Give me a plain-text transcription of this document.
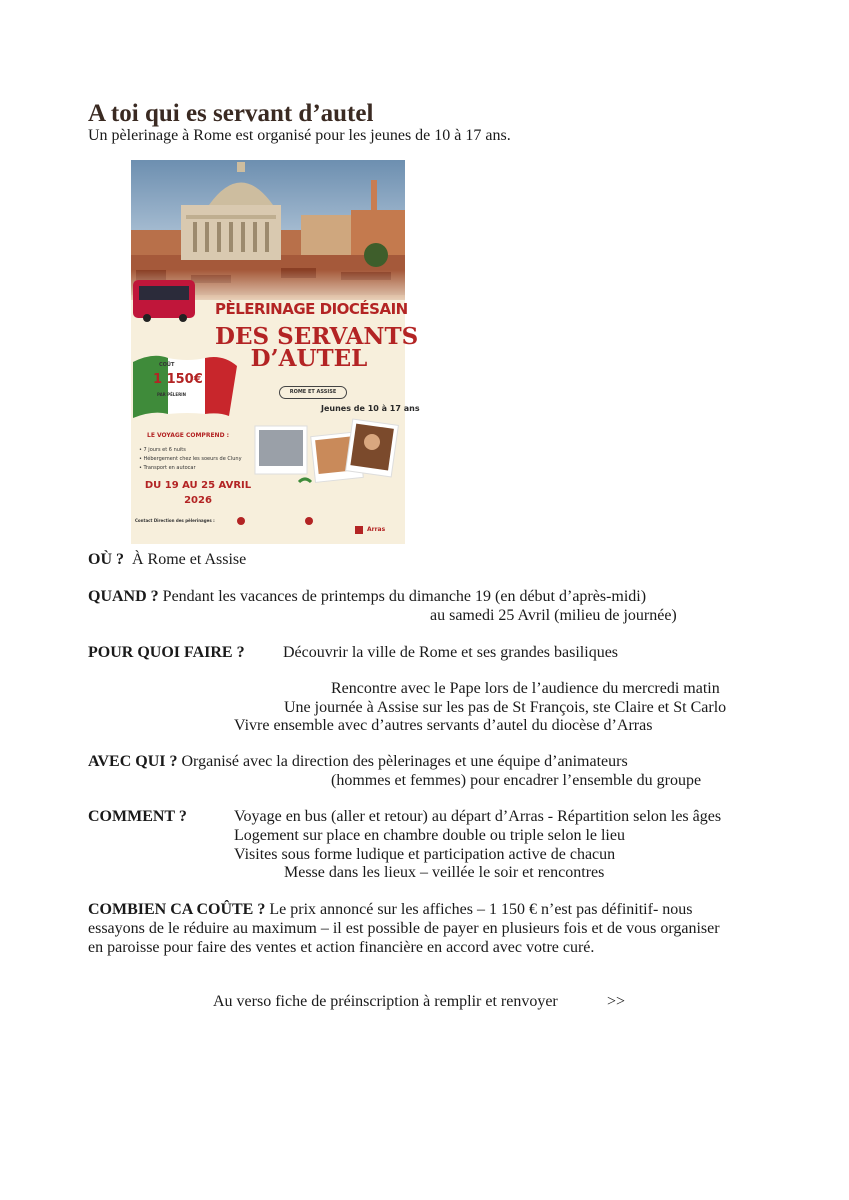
A toi qui es servant d’autel
Un pèlerinage à Rome est organisé pour les jeunes de 10 à 17 ans.
COÛT
1 150€
PAR PÈLERIN
PÈLERINAGE DIOCÉSAIN
DES SERVANTS
D’AUTEL
ROME ET ASSISE
Jeunes de 10 à 17 ans
LE VOYAGE COMPREND :
• 7 jours et 6 nuits
• Hébergement chez les soeurs de Cluny
• Transport en autocar
DU 19 AU 25 AVRIL
2026
Contact Direction des pèlerinages :
Arras
OÙ ? À Rome et Assise
QUAND ? Pendant les vacances de printemps du dimanche 19 (en début d’après-midi)
au samedi 25 Avril (milieu de journée)
POUR QUOI FAIRE ? Découvrir la ville de Rome et ses grandes basiliques
Rencontre avec le Pape lors de l’audience du mercredi matin
Une journée à Assise sur les pas de St François, ste Claire et St Carlo
Vivre ensemble avec d’autres servants d’autel du diocèse d’Arras
AVEC QUI ? Organisé avec la direction des pèlerinages et une équipe d’animateurs
(hommes et femmes) pour encadrer l’ensemble du groupe
COMMENT ?	Voyage en bus (aller et retour) au départ d’Arras - Répartition selon les âges
Logement sur place en chambre double ou triple selon le lieu
Visites sous forme ludique et participation active de chacun
Messe dans les lieux – veillée le soir et rencontres
COMBIEN CA COÛTE ? Le prix annoncé sur les affiches – 1 150 € n’est pas définitif- nous
essayons de le réduire au maximum – il est possible de payer en plusieurs fois et de vous organiser
en paroisse pour faire des ventes et action financière en accord avec votre curé.
Au verso fiche de préinscription à remplir et renvoyer	>>
